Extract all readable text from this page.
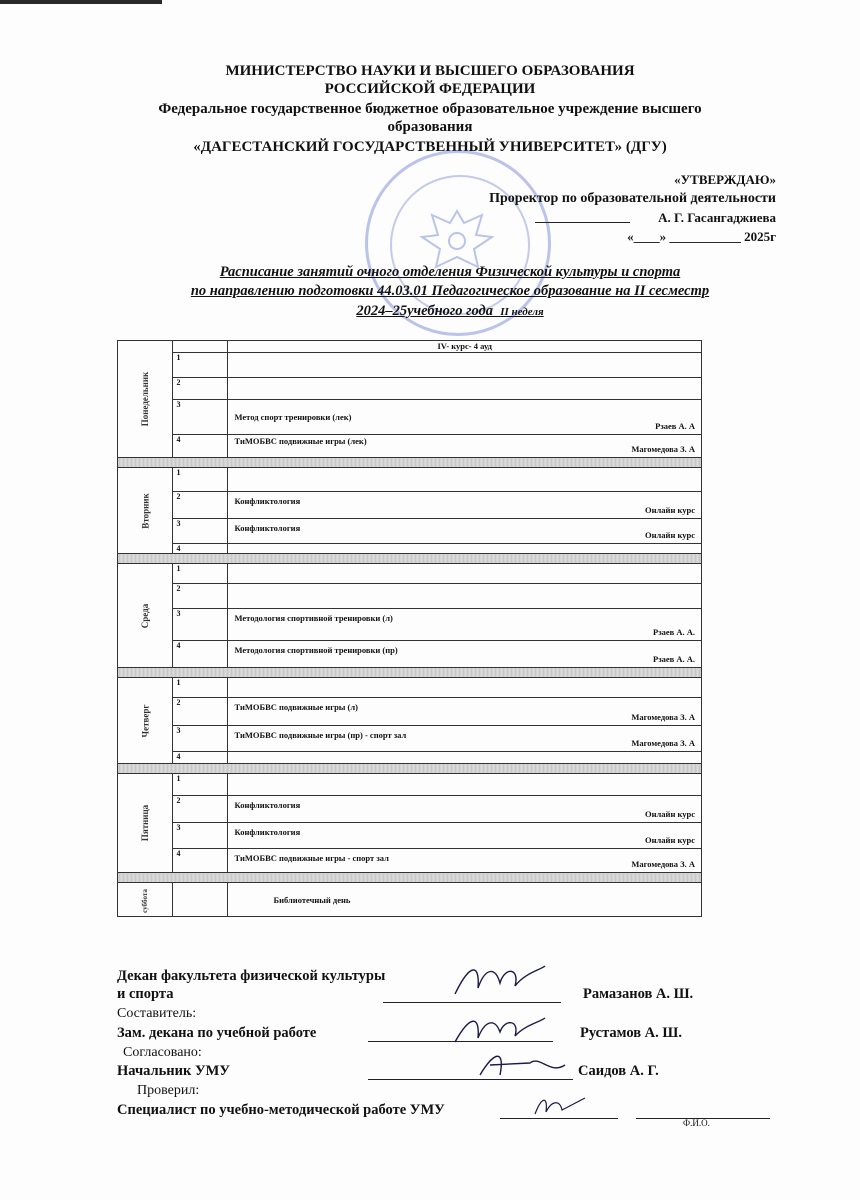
МИНИСТЕРСТВО НАУКИ И ВЫСШЕГО ОБРАЗОВАНИЯ
РОССИЙСКОЙ ФЕДЕРАЦИИ
Федеральное государственное бюджетное образовательное учреждение высшего
образования
«ДАГЕСТАНСКИЙ ГОСУДАРСТВЕННЫЙ УНИВЕРСИТЕТ» (ДГУ)
«УТВЕРЖДАЮ»
Проректор по образовательной деятельности
А. Г. Гасангаджиева
«____» ___________ 2025г
Расписание занятий очного отделения Физической культуры и спорта
по направлению подготовки 44.03.01 Педагогическое образование на II сесместр
2024–25учебного года II неделя
Понедельник		IV- курс- 4 ауд
	1	

	2	

	3	Метод спорт тренировки (лек)
Рзаев А. А

	4	ТиМОБВС подвижные игры (лек)
Магомедова З. А

Вторник	1	
	2	Конфликтология
Онлайн курс

	3	Конфликтология
Онлайн курс

	4	

Среда	1	
	2	
	3	Методология спортивной тренировки (л)
Рзаев А. А.

	4	Методология спортивной тренировки (пр)
Рзаев А. А.

Четверг	1	
	2	ТиМОБВС подвижные игры (л)
Магомедова З. А

	3	ТиМОБВС подвижные игры (пр) - спорт зал
Магомедова З. А

	4	

Пятница	1	
	2	Конфликтология
Онлайн курс

	3	Конфликтология
Онлайн курс

	4	ТиМОБВС подвижные игры - спорт зал
Магомедова З. А

суббота		Библиотечный день
Декан факультета физической культуры
и спорта	Рамазанов А. Ш.
Составитель:
Зам. декана по учебной работе	Рустамов А. Ш.
Согласовано:
Начальник УМУ	Саидов А. Г.
Проверил:
Специалист по учебно-методической работе УМУ
Ф.И.О.
